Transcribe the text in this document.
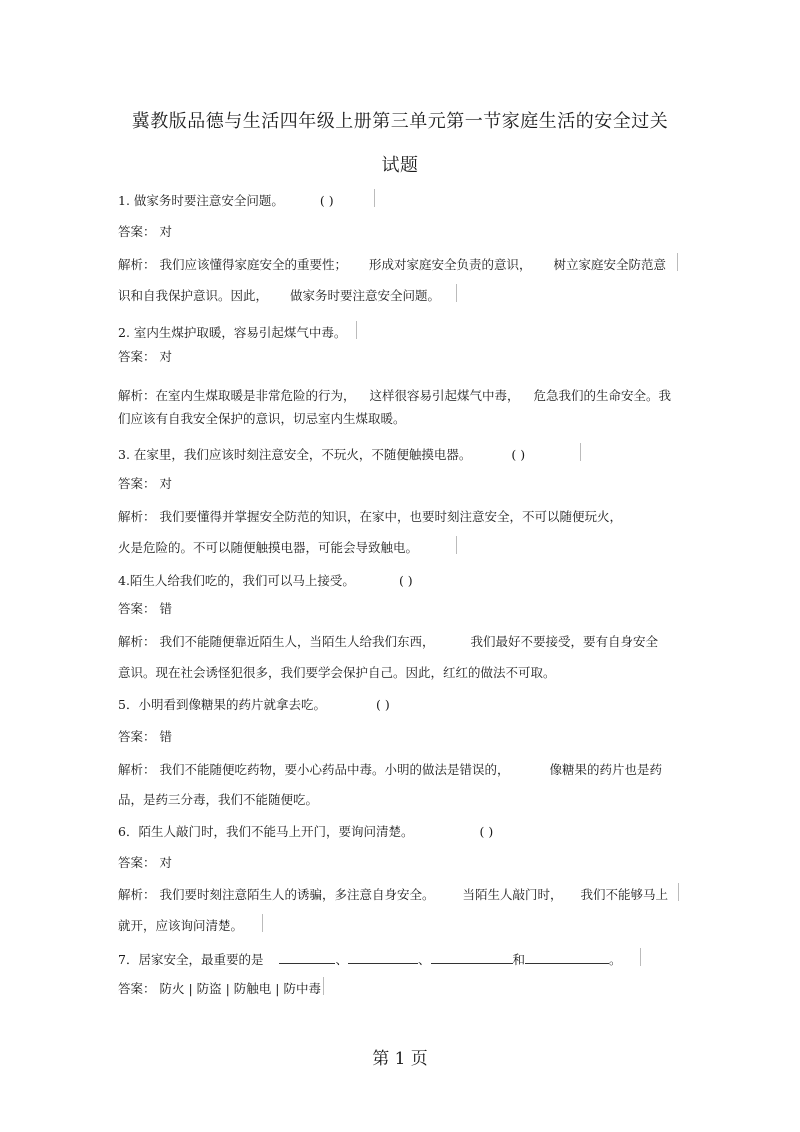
冀教版品德与生活四年级上册第三单元第一节家庭生活的安全过关
试题
1. 做家务时要注意安全问题。	( )
答案： 对
解析： 我们应该懂得家庭安全的重要性； 形成对家庭安全负责的意识， 树立家庭安全防范意
识和自我保护意识。因此， 做家务时要注意安全问题。
2. 室内生煤护取暖，容易引起煤气中毒。
答案： 对
解析：在室内生煤取暖是非常危险的行为， 这样很容易引起煤气中毒， 危急我们的生命安全。我
们应该有自我安全保护的意识，切忌室内生煤取暖。
3. 在家里，我们应该时刻注意安全，不玩火，不随便触摸电器。	( )
答案： 对
解析： 我们要懂得并掌握安全防范的知识，在家中，也要时刻注意安全，不可以随便玩火，
火是危险的。不可以随便触摸电器，可能会导致触电。
4.陌生人给我们吃的，我们可以马上接受。	( )
答案： 错
解析： 我们不能随便靠近陌生人，当陌生人给我们东西，	我们最好不要接受，要有自身安全
意识。现在社会诱怪犯很多，我们要学会保护自己。因此，红红的做法不可取。
5．小明看到像糖果的药片就拿去吃。	( )
答案： 错
解析： 我们不能随便吃药物，要小心药品中毒。小明的做法是错误的，	像糖果的药片也是药
品，是药三分毒，我们不能随便吃。
6．陌生人敲门时，我们不能马上开门，要询问清楚。	( )
答案： 对
解析： 我们要时刻注意陌生人的诱骗，多注意自身安全。 当陌生人敲门时， 我们不能够马上
就开，应该询问清楚。
7．居家安全，最重要的是	、	、	和	。
答案： 防火 | 防盗 | 防触电 | 防中毒
第 1 页
